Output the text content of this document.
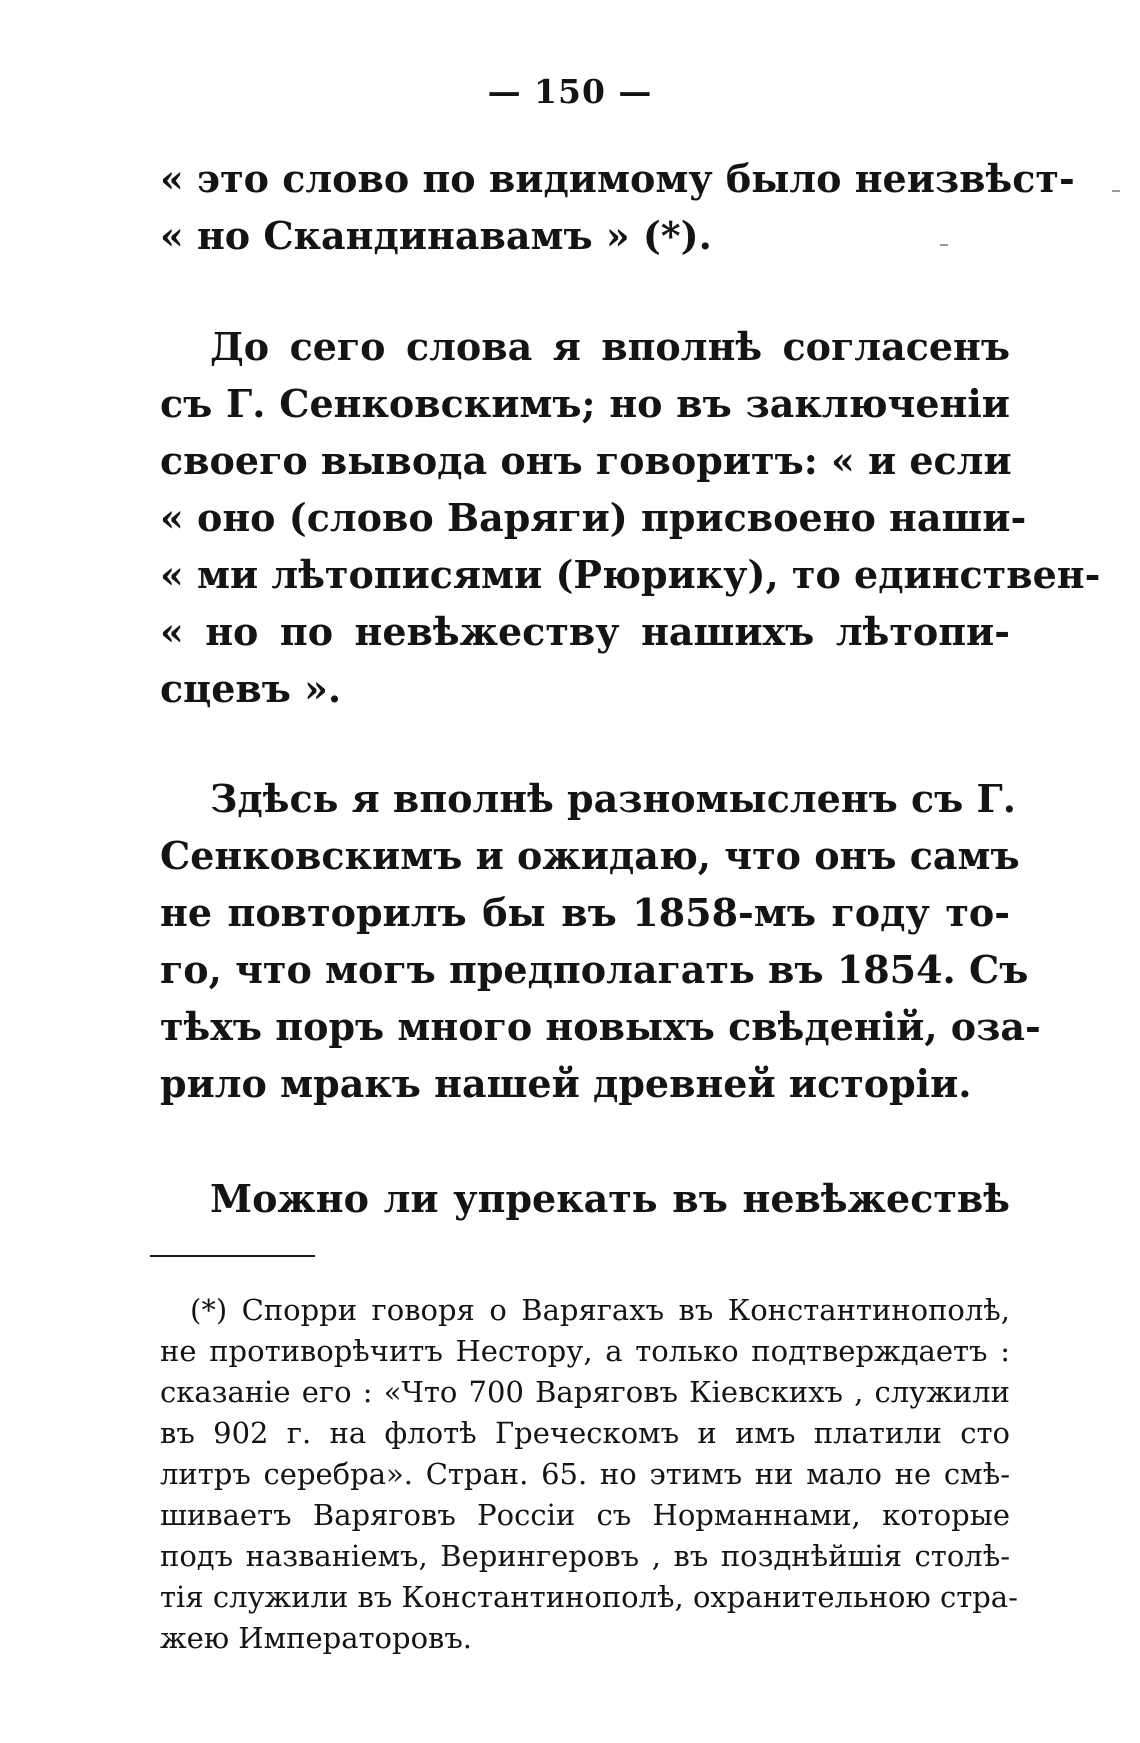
— 150 —
« это слово по видимому было неизвѣст-
« но Скандинавамъ » (*).
До сего слова я вполнѣ согласенъ
съ Г. Сенковскимъ; но въ заключеніи
своего вывода онъ говоритъ: « и если
« оно (слово Варяги) присвоено наши-
« ми лѣтописями (Рюрику), то единствен-
« но по невѣжеству нашихъ лѣтопи-
сцевъ ».
Здѣсь я вполнѣ разномысленъ съ Г.
Сенковскимъ и ожидаю, что онъ самъ
не повторилъ бы въ 1858-мъ году то-
го, что могъ предполагать въ 1854. Съ
тѣхъ поръ много новыхъ свѣденій, оза-
рило мракъ нашей древней исторіи.
Можно ли упрекать въ невѣжествѣ
(*) Спорри говоря о Варягахъ въ Константинополѣ,
не противорѣчитъ Нестору, а только подтверждаетъ :
сказаніе его : «Что 700 Варяговъ Кіевскихъ , служили
въ 902 г. на флотѣ Греческомъ и имъ платили сто
литръ серебра». Стран. 65. но этимъ ни мало не смѣ-
шиваетъ Варяговъ Россіи съ Норманнами, которые
подъ названіемъ, Верингеровъ , въ позднѣйшія столѣ-
тія служили въ Константинополѣ, охранительною стра-
жею Императоровъ.
